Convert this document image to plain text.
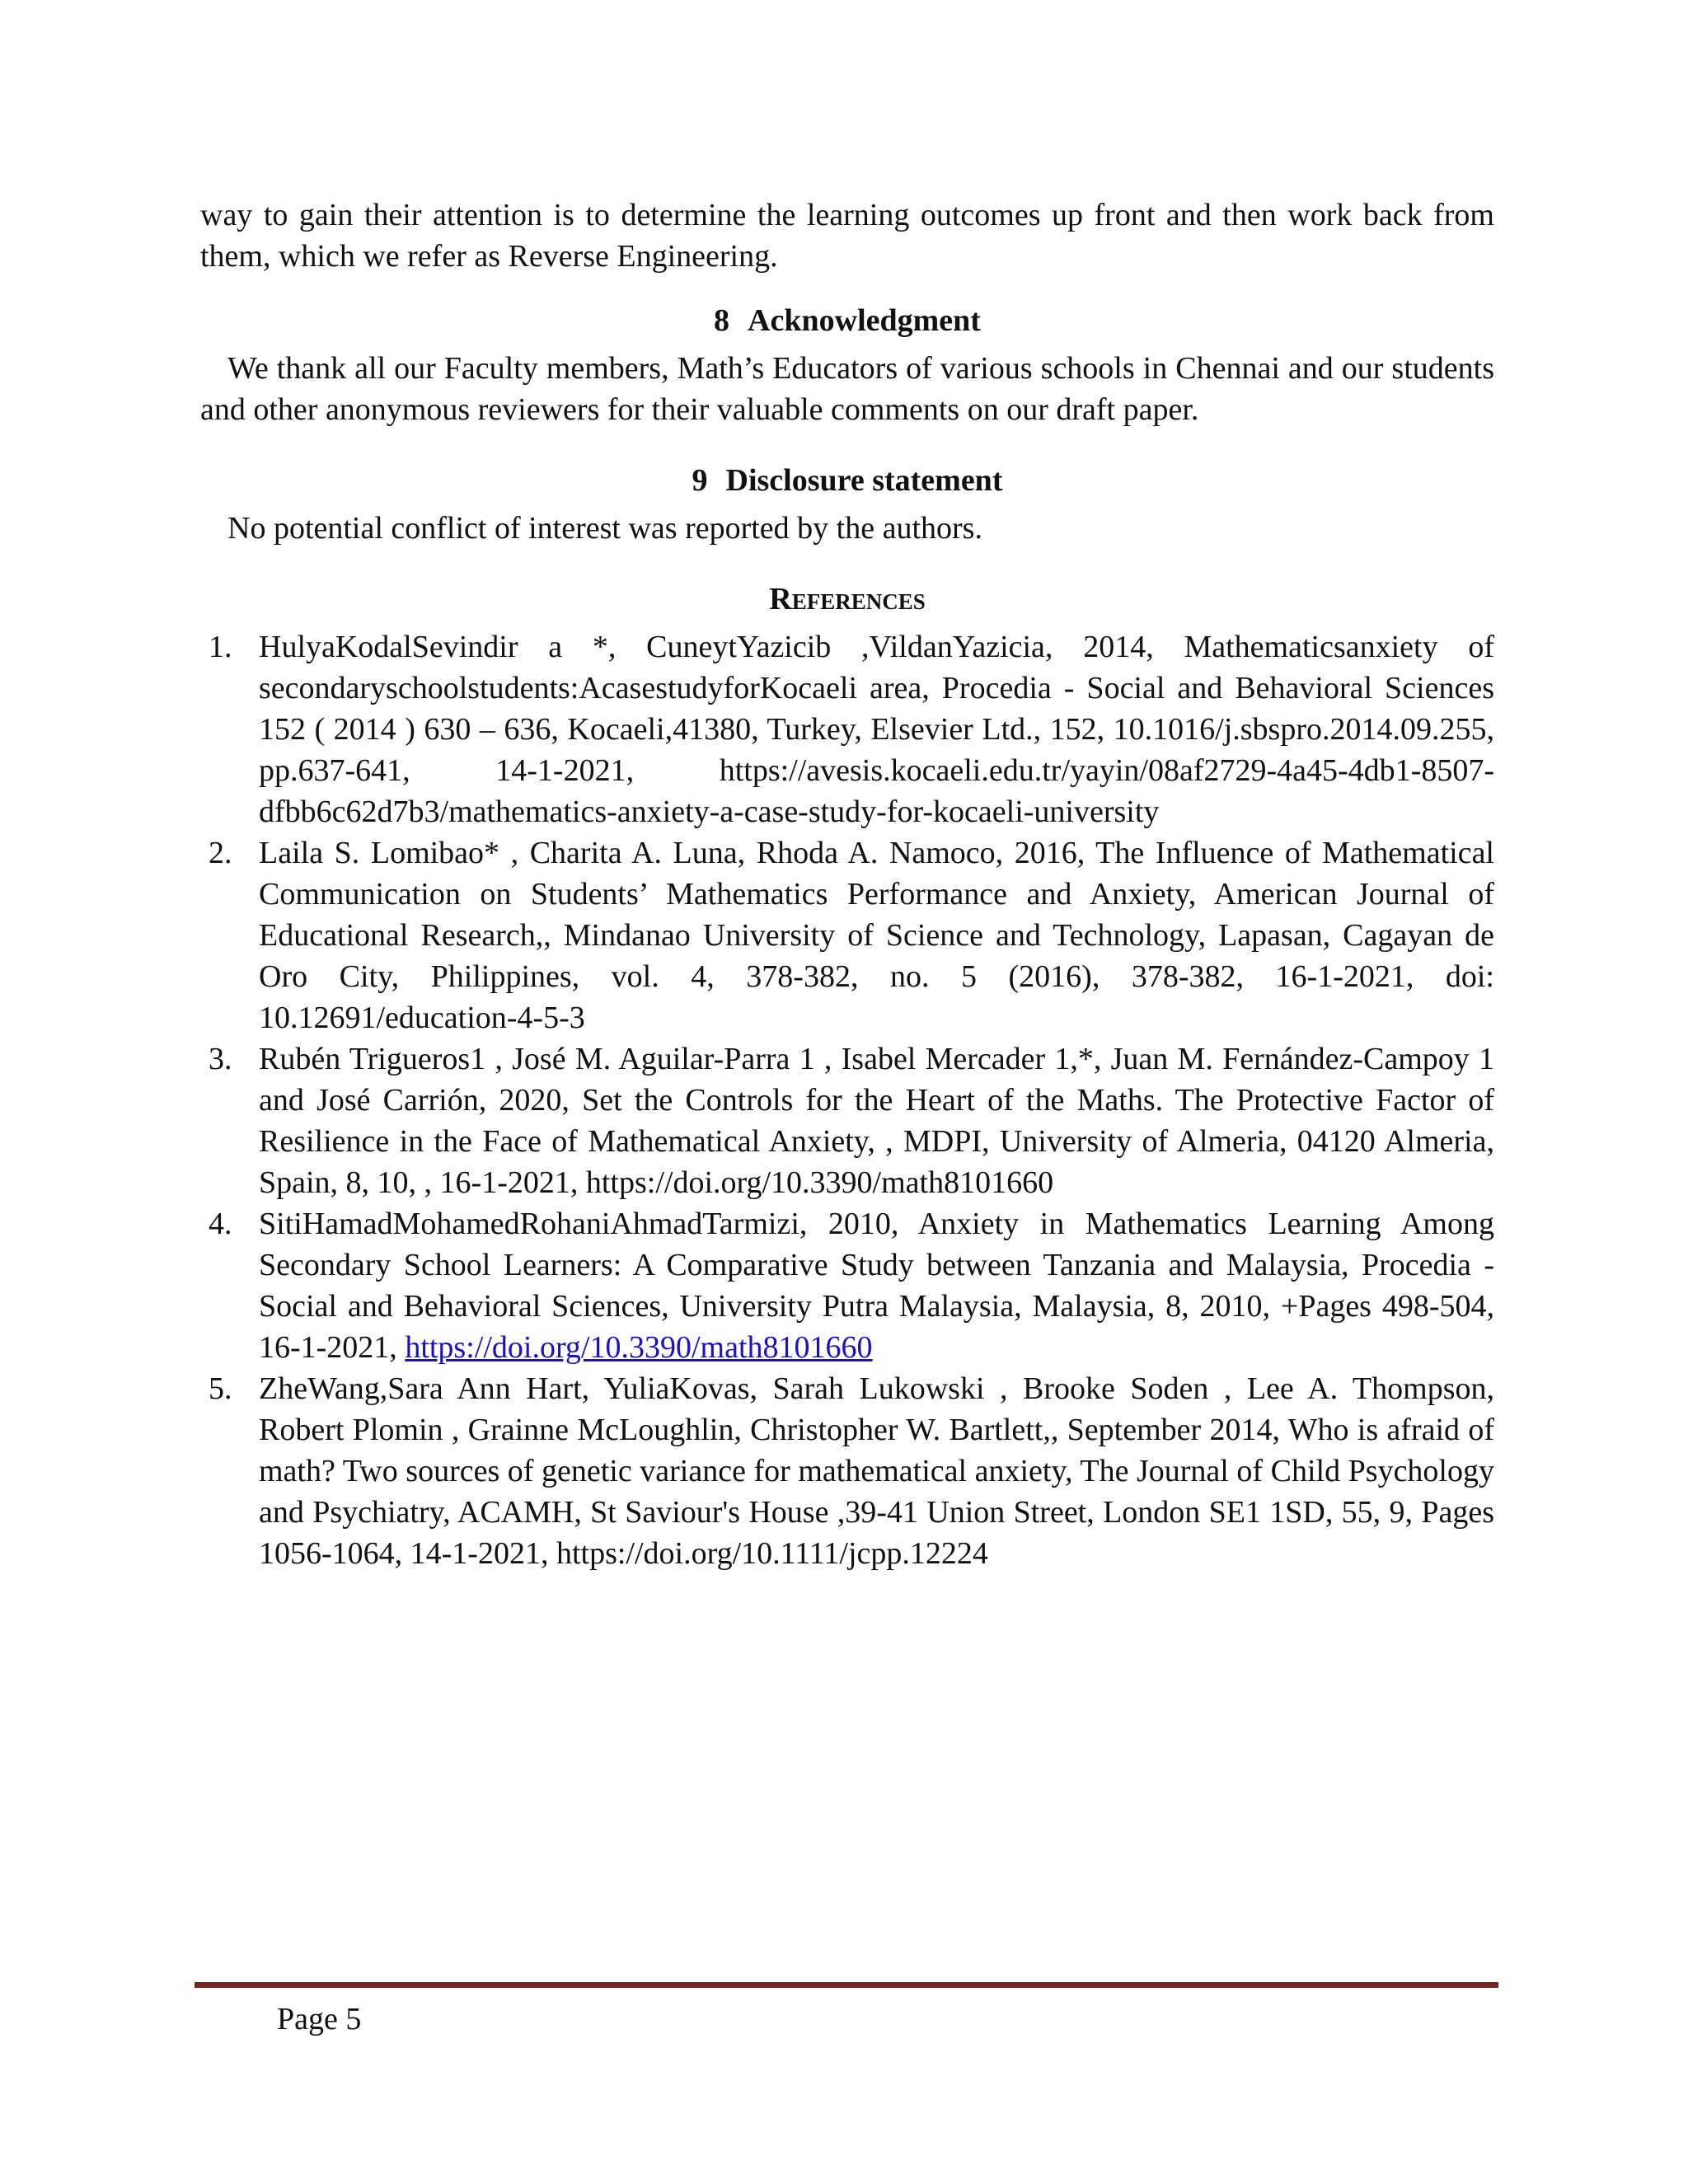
way to gain their attention is to determine the learning outcomes up front and then work back from them, which we refer as Reverse Engineering.

8 Acknowledgment

We thank all our Faculty members, Math’s Educators of various schools in Chennai and our students and other anonymous reviewers for their valuable comments on our draft paper.

9 Disclosure statement

No potential conflict of interest was reported by the authors.

References
1. HulyaKodalSevindir a *, CuneytYazicib ,VildanYazicia, 2014, Mathematicsanxiety of secondaryschoolstudents:AcasestudyforKocaeli area, Procedia - Social and Behavioral Sciences 152 ( 2014 ) 630 – 636, Kocaeli,41380, Turkey, Elsevier Ltd., 152, 10.1016/j.sbspro.2014.09.255, pp.637-641, 14-1-2021, https://avesis.kocaeli.edu.tr/yayin/08af2729-4a45-4db1-8507-dfbb6c62d7b3/mathematics-anxiety-a-case-study-for-kocaeli-university
2. Laila S. Lomibao* , Charita A. Luna, Rhoda A. Namoco, 2016, The Influence of Mathematical Communication on Students’ Mathematics Performance and Anxiety, American Journal of Educational Research,, Mindanao University of Science and Technology, Lapasan, Cagayan de Oro City, Philippines, vol. 4, 378-382, no. 5 (2016), 378-382, 16-1-2021, doi: 10.12691/education-4-5-3
3. Rubén Trigueros1 , José M. Aguilar-Parra 1 , Isabel Mercader 1,*, Juan M. Fernández-Campoy 1 and José Carrión, 2020, Set the Controls for the Heart of the Maths. The Protective Factor of Resilience in the Face of Mathematical Anxiety, , MDPI, University of Almeria, 04120 Almeria, Spain, 8, 10, , 16-1-2021, https://doi.org/10.3390/math8101660
4. SitiHamadMohamedRohaniAhmadTarmizi, 2010, Anxiety in Mathematics Learning Among Secondary School Learners: A Comparative Study between Tanzania and Malaysia, Procedia - Social and Behavioral Sciences, University Putra Malaysia, Malaysia, 8, 2010, +Pages 498-504, 16-1-2021, https://doi.org/10.3390/math8101660
5. ZheWang,Sara Ann Hart, YuliaKovas, Sarah Lukowski , Brooke Soden , Lee A. Thompson, Robert Plomin , Grainne McLoughlin, Christopher W. Bartlett,, September 2014, Who is afraid of math? Two sources of genetic variance for mathematical anxiety, The Journal of Child Psychology and Psychiatry, ACAMH, St Saviour's House ,39-41 Union Street, London SE1 1SD, 55, 9, Pages 1056-1064, 14-1-2021, https://doi.org/10.1111/jcpp.12224
Page 5
